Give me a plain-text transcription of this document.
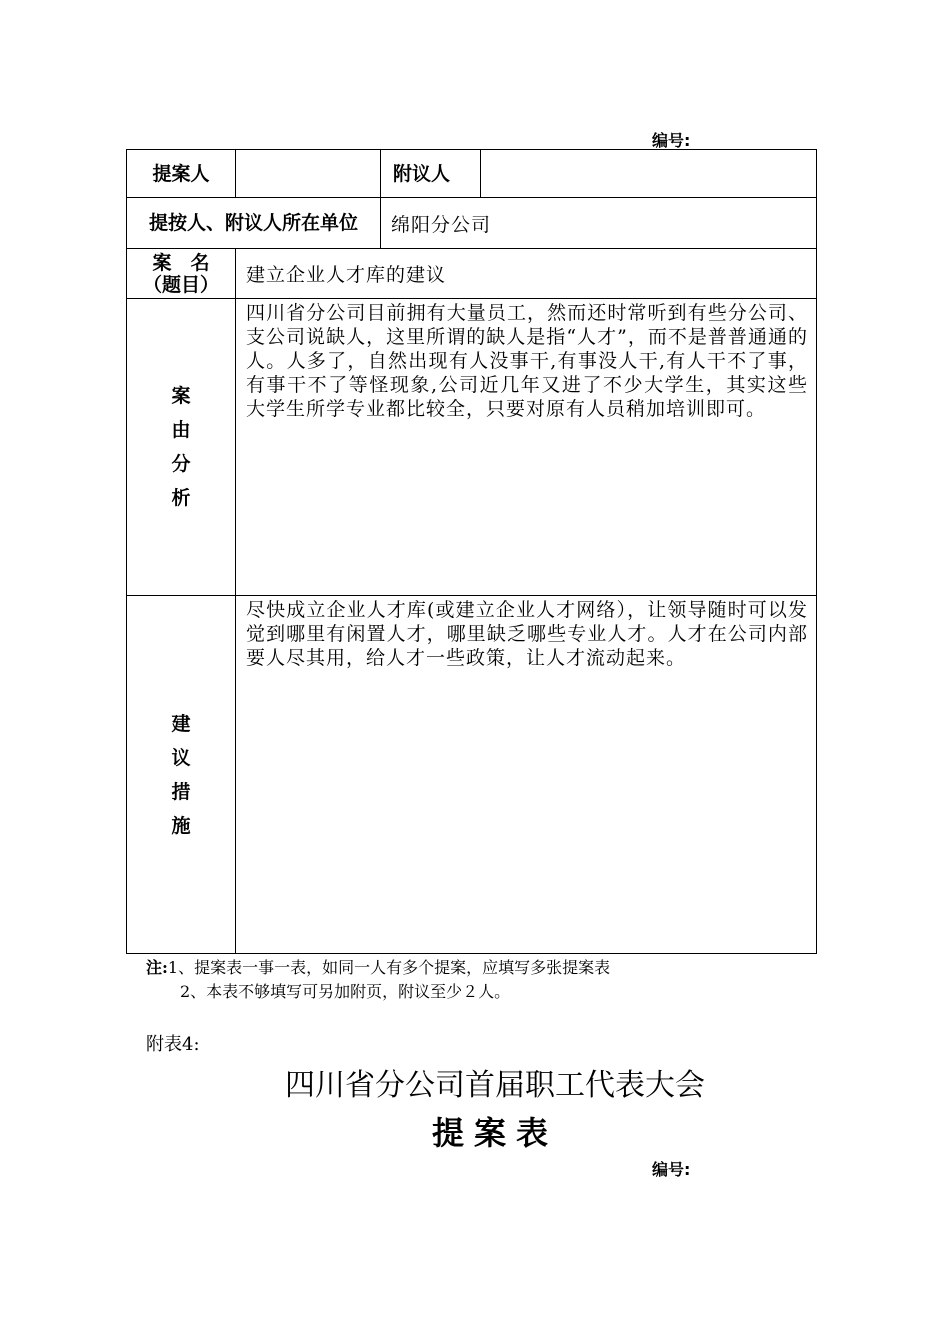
编号:
提案人		附议人	
提按人、附议人所在单位		绵阳分公司	

案　名
（题目）	建立企业人才库的建议		

案
由
分
析	四川省分公司目前拥有大量员工，然而还时常听到有些分公司、支公司说缺人，这里所谓的缺人是指“人才”，而不是普普通通的人。人多了，自然出现有人没事干,有事没人干,有人干不了事，有事干不了等怪现象,公司近几年又进了不少大学生，其实这些大学生所学专业都比较全，只要对原有人员稍加培训即可。		

建
议
措
施	尽快成立企业人才库(或建立企业人才网络），让领导随时可以发觉到哪里有闲置人才，哪里缺乏哪些专业人才。人才在公司内部要人尽其用，给人才一些政策，让人才流动起来。		
注:1、提案表一事一表，如同一人有多个提案，应填写多张提案表
2、本表不够填写可另加附页，附议至少２人。
附表4:
四川省分公司首届职工代表大会
提案表
编号:
